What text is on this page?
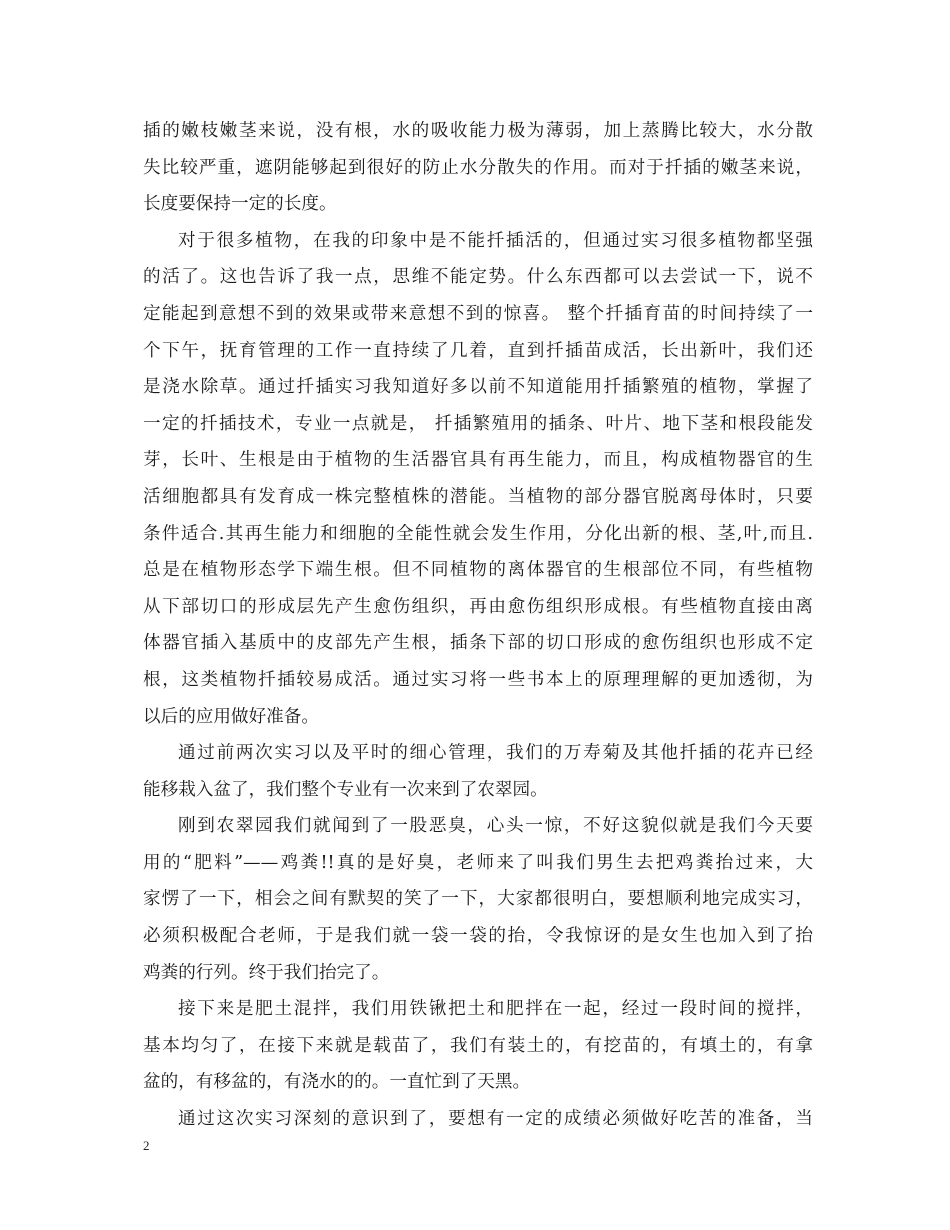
插的嫩枝嫩茎来说，没有根，水的吸收能力极为薄弱，加上蒸腾比较大，水分散
失比较严重，遮阴能够起到很好的防止水分散失的作用。而对于扦插的嫩茎来说，
长度要保持一定的长度。
对于很多植物，在我的印象中是不能扦插活的，但通过实习很多植物都坚强
的活了。这也告诉了我一点，思维不能定势。什么东西都可以去尝试一下，说不
定能起到意想不到的效果或带来意想不到的惊喜。 整个扦插育苗的时间持续了一
个下午，抚育管理的工作一直持续了几着，直到扦插苗成活，长出新叶，我们还
是浇水除草。通过扦插实习我知道好多以前不知道能用扦插繁殖的植物，掌握了
一定的扦插技术，专业一点就是， 扦插繁殖用的插条、叶片、地下茎和根段能发
芽，长叶、生根是由于植物的生活器官具有再生能力，而且，构成植物器官的生
活细胞都具有发育成一株完整植株的潜能。当植物的部分器官脱离母体时，只要
条件适合.其再生能力和细胞的全能性就会发生作用，分化出新的根、茎,叶,而且.
总是在植物形态学下端生根。但不同植物的离体器官的生根部位不同，有些植物
从下部切口的形成层先产生愈伤组织，再由愈伤组织形成根。有些植物直接由离
体器官插入基质中的皮部先产生根，插条下部的切口形成的愈伤组织也形成不定
根，这类植物扦插较易成活。通过实习将一些书本上的原理理解的更加透彻，为
以后的应用做好准备。
通过前两次实习以及平时的细心管理，我们的万寿菊及其他扦插的花卉已经
能移栽入盆了，我们整个专业有一次来到了农翠园。
刚到农翠园我们就闻到了一股恶臭，心头一惊，不好这貌似就是我们今天要
用的“肥料”——鸡粪!!真的是好臭，老师来了叫我们男生去把鸡粪抬过来，大
家愣了一下，相会之间有默契的笑了一下，大家都很明白，要想顺利地完成实习，
必须积极配合老师，于是我们就一袋一袋的抬，令我惊讶的是女生也加入到了抬
鸡粪的行列。终于我们抬完了。
接下来是肥土混拌，我们用铁锹把土和肥拌在一起，经过一段时间的搅拌，
基本均匀了，在接下来就是载苗了，我们有装土的，有挖苗的，有填土的，有拿
盆的，有移盆的，有浇水的的。一直忙到了天黑。
通过这次实习深刻的意识到了，要想有一定的成绩必须做好吃苦的准备，当
2
